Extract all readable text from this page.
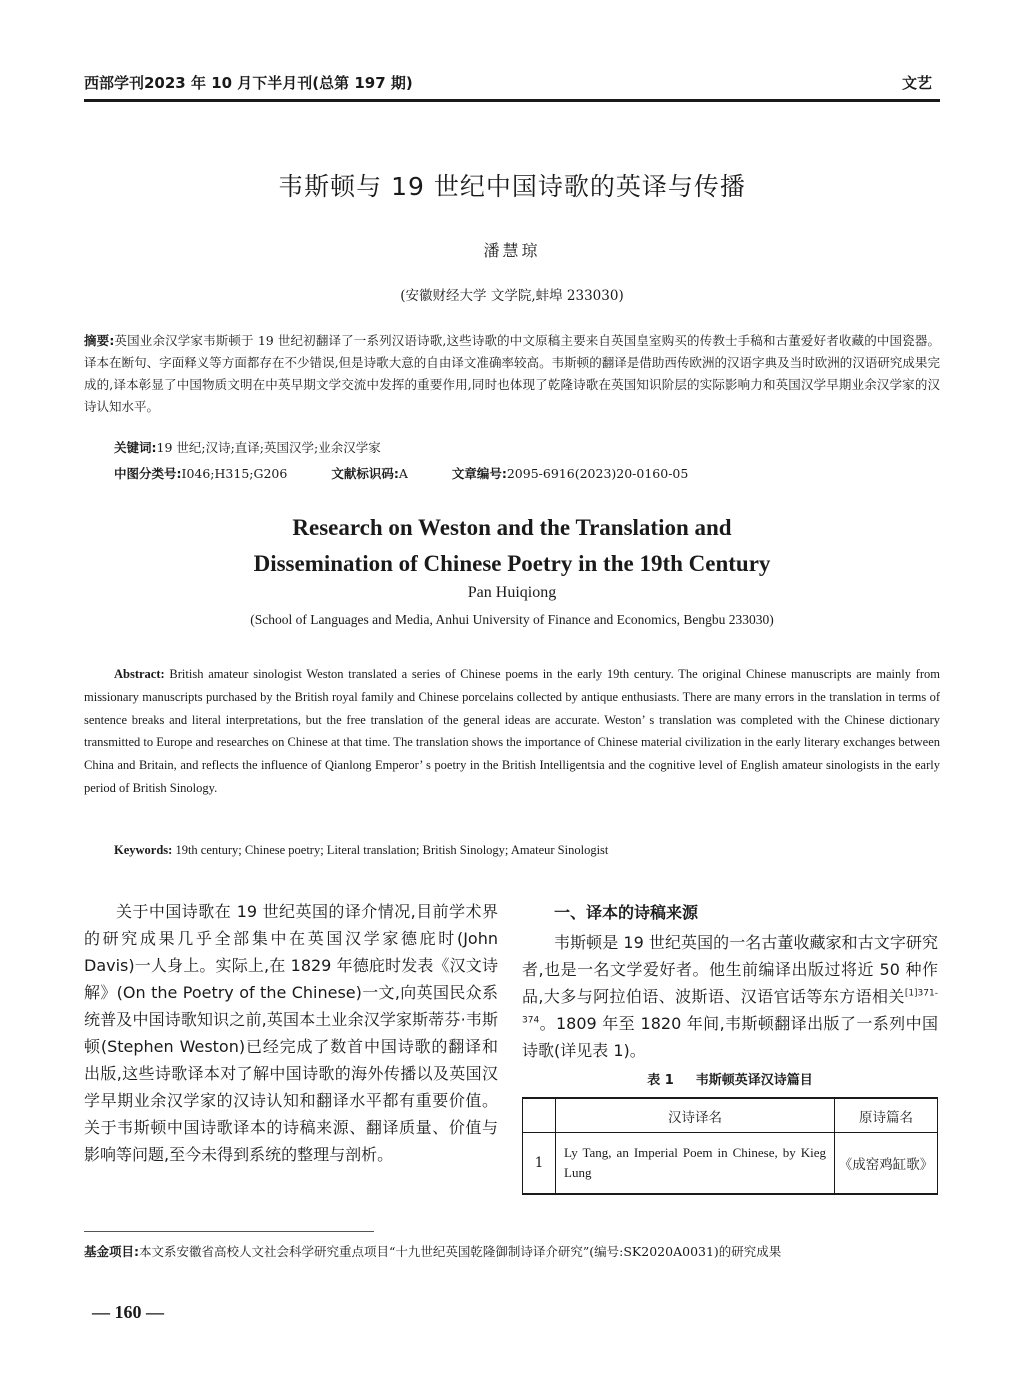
西部学刊2023 年 10 月下半月刊(总第 197 期)	文艺
韦斯顿与 19 世纪中国诗歌的英译与传播
潘慧琼
(安徽财经大学 文学院,蚌埠 233030)
摘要:英国业余汉学家韦斯顿于 19 世纪初翻译了一系列汉语诗歌,这些诗歌的中文原稿主要来自英国皇室购买的传教士手稿和古董爱好者收藏的中国瓷器。译本在断句、字面释义等方面都存在不少错误,但是诗歌大意的自由译文准确率较高。韦斯顿的翻译是借助西传欧洲的汉语字典及当时欧洲的汉语研究成果完成的,译本彰显了中国物质文明在中英早期文学交流中发挥的重要作用,同时也体现了乾隆诗歌在英国知识阶层的实际影响力和英国汉学早期业余汉学家的汉诗认知水平。
关键词:19 世纪;汉诗;直译;英国汉学;业余汉学家
中图分类号:I046;H315;G206	文献标识码:A	文章编号:2095-6916(2023)20-0160-05
Research on Weston and the Translation and
Dissemination of Chinese Poetry in the 19th Century
Pan Huiqiong
(School of Languages and Media, Anhui University of Finance and Economics, Bengbu 233030)
Abstract: British amateur sinologist Weston translated a series of Chinese poems in the early 19th century. The original Chinese manuscripts are mainly from missionary manuscripts purchased by the British royal family and Chinese porcelains collected by antique enthusiasts. There are many errors in the translation in terms of sentence breaks and literal interpretations, but the free translation of the general ideas are accurate. Weston’ s translation was completed with the Chinese dictionary transmitted to Europe and researches on Chinese at that time. The translation shows the importance of Chinese material civilization in the early literary exchanges between China and Britain, and reflects the influence of Qianlong Emperor’ s poetry in the British Intelligentsia and the cognitive level of English amateur sinologists in the early period of British Sinology.
Keywords: 19th century; Chinese poetry; Literal translation; British Sinology; Amateur Sinologist
关于中国诗歌在 19 世纪英国的译介情况,目前学术界的研究成果几乎全部集中在英国汉学家德庇时(John Davis)一人身上。实际上,在 1829 年德庇时发表《汉文诗解》(On the Poetry of the Chinese)一文,向英国民众系统普及中国诗歌知识之前,英国本土业余汉学家斯蒂芬·韦斯顿(Stephen Weston)已经完成了数首中国诗歌的翻译和出版,这些诗歌译本对了解中国诗歌的海外传播以及英国汉学早期业余汉学家的汉诗认知和翻译水平都有重要价值。关于韦斯顿中国诗歌译本的诗稿来源、翻译质量、价值与影响等问题,至今未得到系统的整理与剖析。
一、译本的诗稿来源
韦斯顿是 19 世纪英国的一名古董收藏家和古文字研究者,也是一名文学爱好者。他生前编译出版过将近 50 种作品,大多与阿拉伯语、波斯语、汉语官话等东方语相关$^{[1]371-374}$。1809 年至 1820 年间,韦斯顿翻译出版了一系列中国诗歌(详见表 1)。
表 1 韦斯顿英译汉诗篇目
	汉诗译名	原诗篇名
1	Ly Tang, an Imperial Poem in Chinese, by Kieg Lung	《成窑鸡缸歌》
基金项目:本文系安徽省高校人文社会科学研究重点项目“十九世纪英国乾隆御制诗译介研究”(编号:SK2020A0031)的研究成果
— 160 —
